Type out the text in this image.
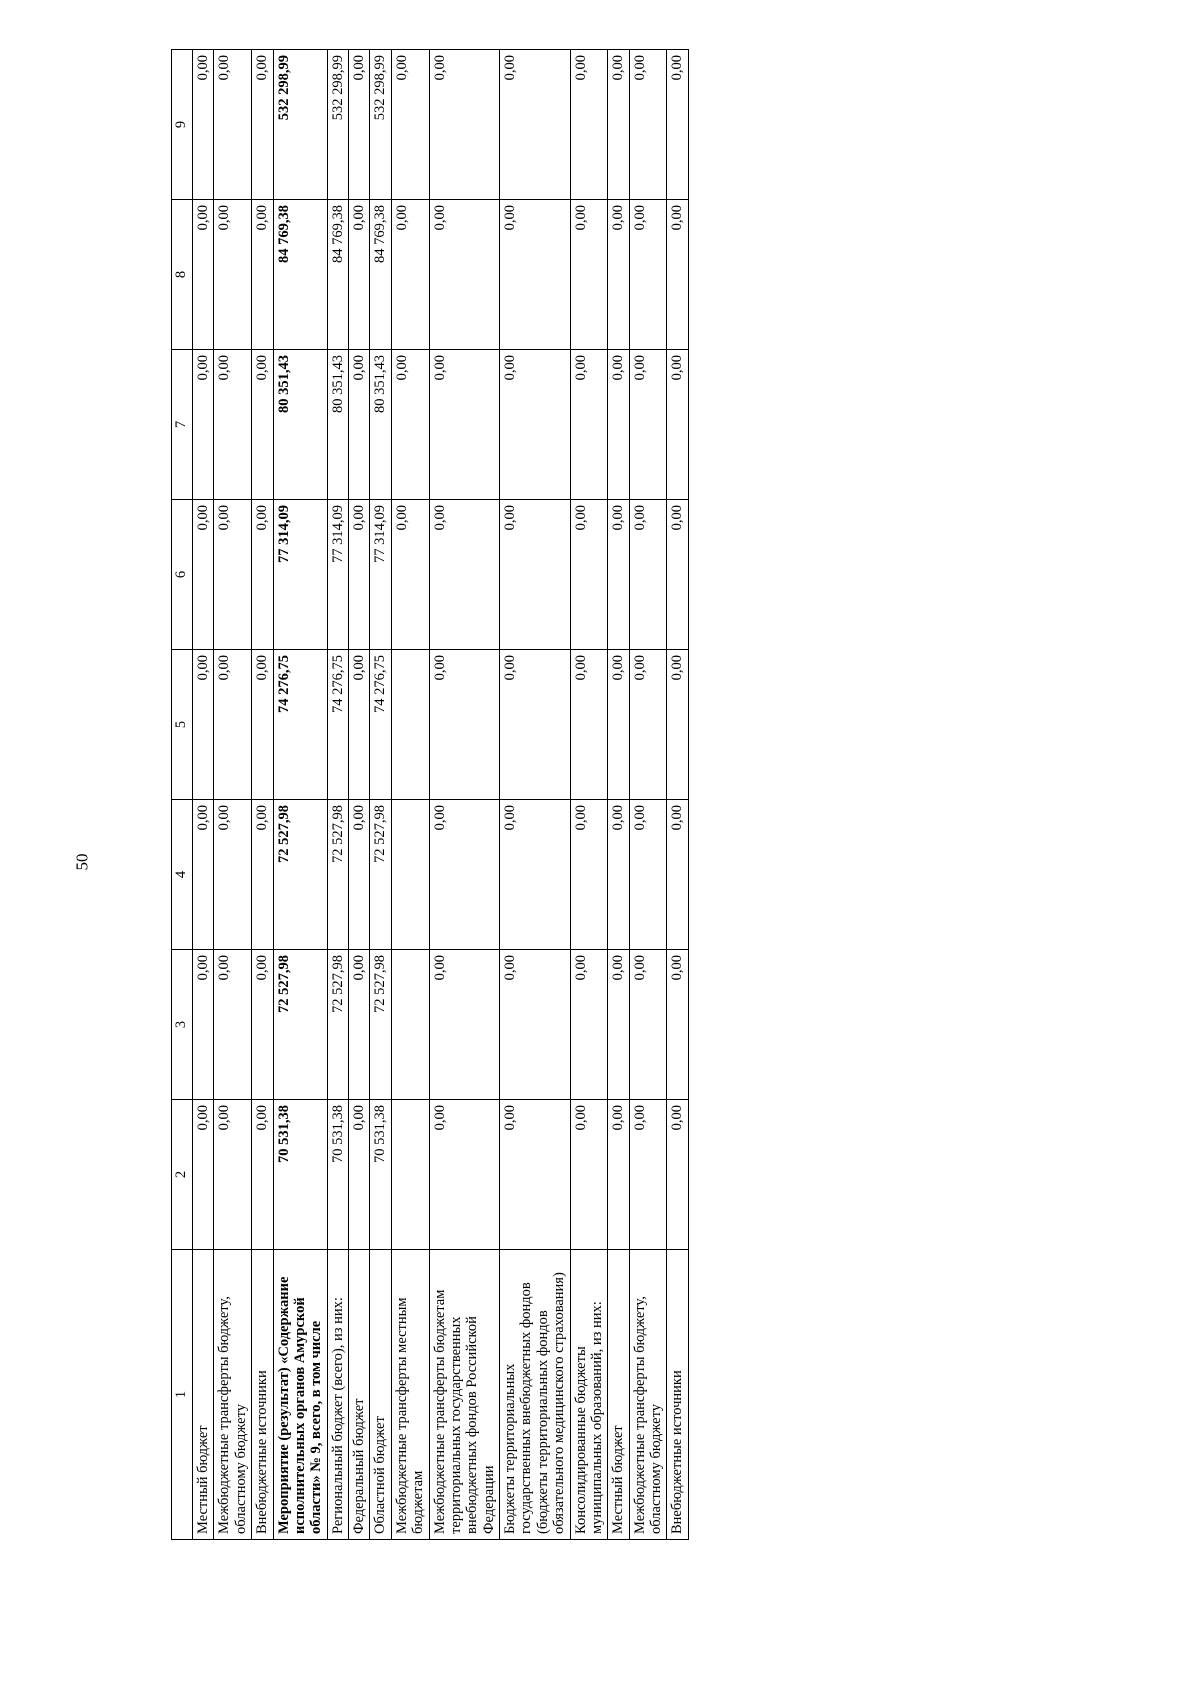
50
1	2	3	4	5	6	7	8	9
Местный бюджет	0,00	0,00	0,00	0,00	0,00	0,00	0,00	0,00
Межбюджетные трансферты бюджету, областному бюджету	0,00	0,00	0,00	0,00	0,00	0,00	0,00	0,00
Внебюджетные источники	0,00	0,00	0,00	0,00	0,00	0,00	0,00	0,00
Мероприятие (результат) «Содержание исполнительных органов Амурской области» № 9, всего, в том числе	70 531,38	72 527,98	72 527,98	74 276,75	77 314,09	80 351,43	84 769,38	532 298,99
Региональный бюджет (всего), из них:	70 531,38	72 527,98	72 527,98	74 276,75	77 314,09	80 351,43	84 769,38	532 298,99
Федеральный бюджет	0,00	0,00	0,00	0,00	0,00	0,00	0,00	0,00
Областной бюджет	70 531,38	72 527,98	72 527,98	74 276,75	77 314,09	80 351,43	84 769,38	532 298,99
Межбюджетные трансферты местным бюджетам					0,00	0,00	0,00	0,00
Межбюджетные трансферты бюджетам территориальных государственных внебюджетных фондов Российской Федерации	0,00	0,00	0,00	0,00	0,00	0,00	0,00	0,00
Бюджеты территориальных государственных внебюджетных фондов (бюджеты территориальных фондов обязательного медицинского страхования)	0,00	0,00	0,00	0,00	0,00	0,00	0,00	0,00
Консолидированные бюджеты муниципальных образований, из них:	0,00	0,00	0,00	0,00	0,00	0,00	0,00	0,00
Местный бюджет	0,00	0,00	0,00	0,00	0,00	0,00	0,00	0,00
Межбюджетные трансферты бюджету, областному бюджету	0,00	0,00	0,00	0,00	0,00	0,00	0,00	0,00
Внебюджетные источники	0,00	0,00	0,00	0,00	0,00	0,00	0,00	0,00
